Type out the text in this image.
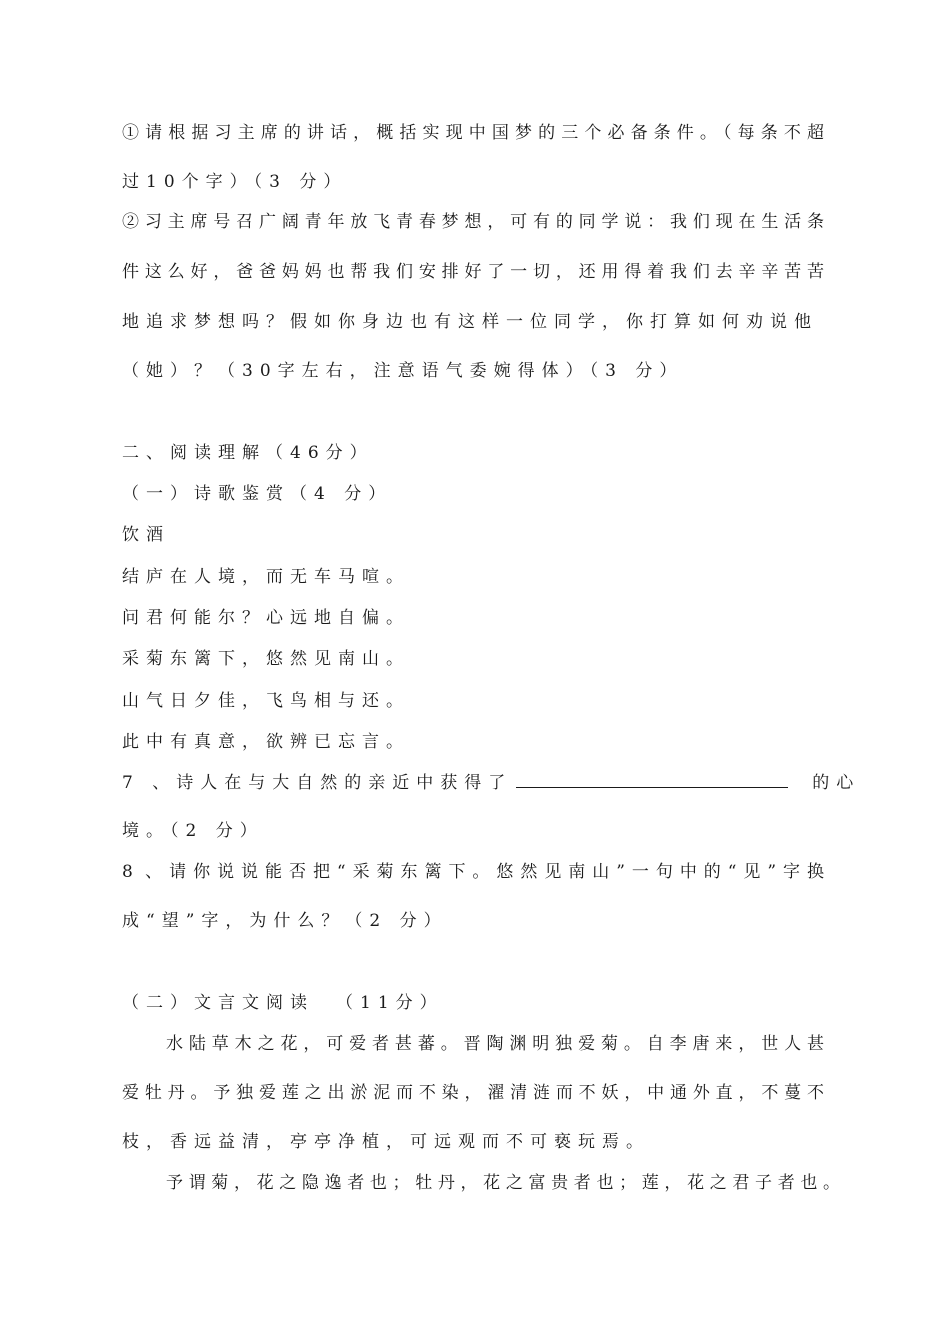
①请根据习主席的讲话，概括实现中国梦的三个必备条件。（每条不超
过10个字）（3 分）
②习主席号召广阔青年放飞青春梦想，可有的同学说：我们现在生活条
件这么好，爸爸妈妈也帮我们安排好了一切，还用得着我们去辛辛苦苦
地追求梦想吗？假如你身边也有这样一位同学，你打算如何劝说他
（她）？（30字左右，注意语气委婉得体）（3 分）
二、阅读理解（46分）
（一）诗歌鉴赏（4 分）
饮酒
结庐在人境，而无车马喧。
问君何能尔？心远地自偏。
采菊东篱下，悠然见南山。
山气日夕佳，飞鸟相与还。
此中有真意，欲辨已忘言。
7 、诗人在与大自然的亲近中获得了	的心
境。（2 分）
8 、请你说说能否把“采菊东篱下。悠然见南山”一句中的“见”字换
成“望”字，为什么？（2 分）
（二）文言文阅读 （11分）
水陆草木之花，可爱者甚蕃。晋陶渊明独爱菊。自李唐来，世人甚
爱牡丹。予独爱莲之出淤泥而不染，濯清涟而不妖，中通外直，不蔓不
枝，香远益清，亭亭净植，可远观而不可亵玩焉。
予谓菊，花之隐逸者也；牡丹，花之富贵者也；莲，花之君子者也。
